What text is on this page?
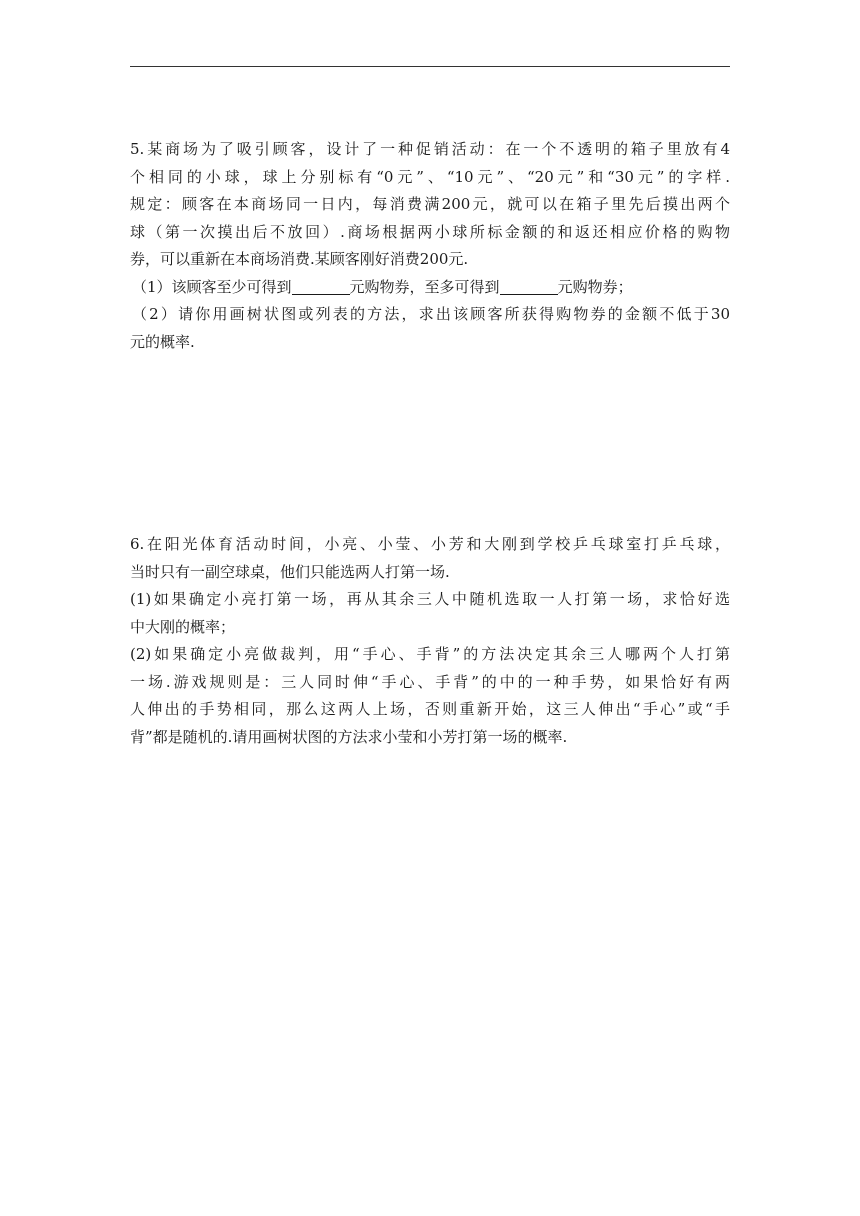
5.某商场为了吸引顾客，设计了一种促销活动：在一个不透明的箱子里放有4
个相同的小球，球上分别标有“0元”、“10元”、“20元”和“30元”的字样.
规定：顾客在本商场同一日内，每消费满200元，就可以在箱子里先后摸出两个
球（第一次摸出后不放回）.商场根据两小球所标金额的和返还相应价格的购物
券，可以重新在本商场消费.某顾客刚好消费200元.
（1）该顾客至少可得到	元购物券，至多可得到	元购物券；
（2）请你用画树状图或列表的方法，求出该顾客所获得购物券的金额不低于30
元的概率.
6.在阳光体育活动时间，小亮、小莹、小芳和大刚到学校乒乓球室打乒乓球，
当时只有一副空球桌，他们只能选两人打第一场.
(1)如果确定小亮打第一场，再从其余三人中随机选取一人打第一场，求恰好选
中大刚的概率；
(2)如果确定小亮做裁判，用“手心、手背”的方法决定其余三人哪两个人打第
一场.游戏规则是：三人同时伸“手心、手背”的中的一种手势，如果恰好有两
人伸出的手势相同，那么这两人上场，否则重新开始，这三人伸出“手心”或“手
背”都是随机的.请用画树状图的方法求小莹和小芳打第一场的概率.
